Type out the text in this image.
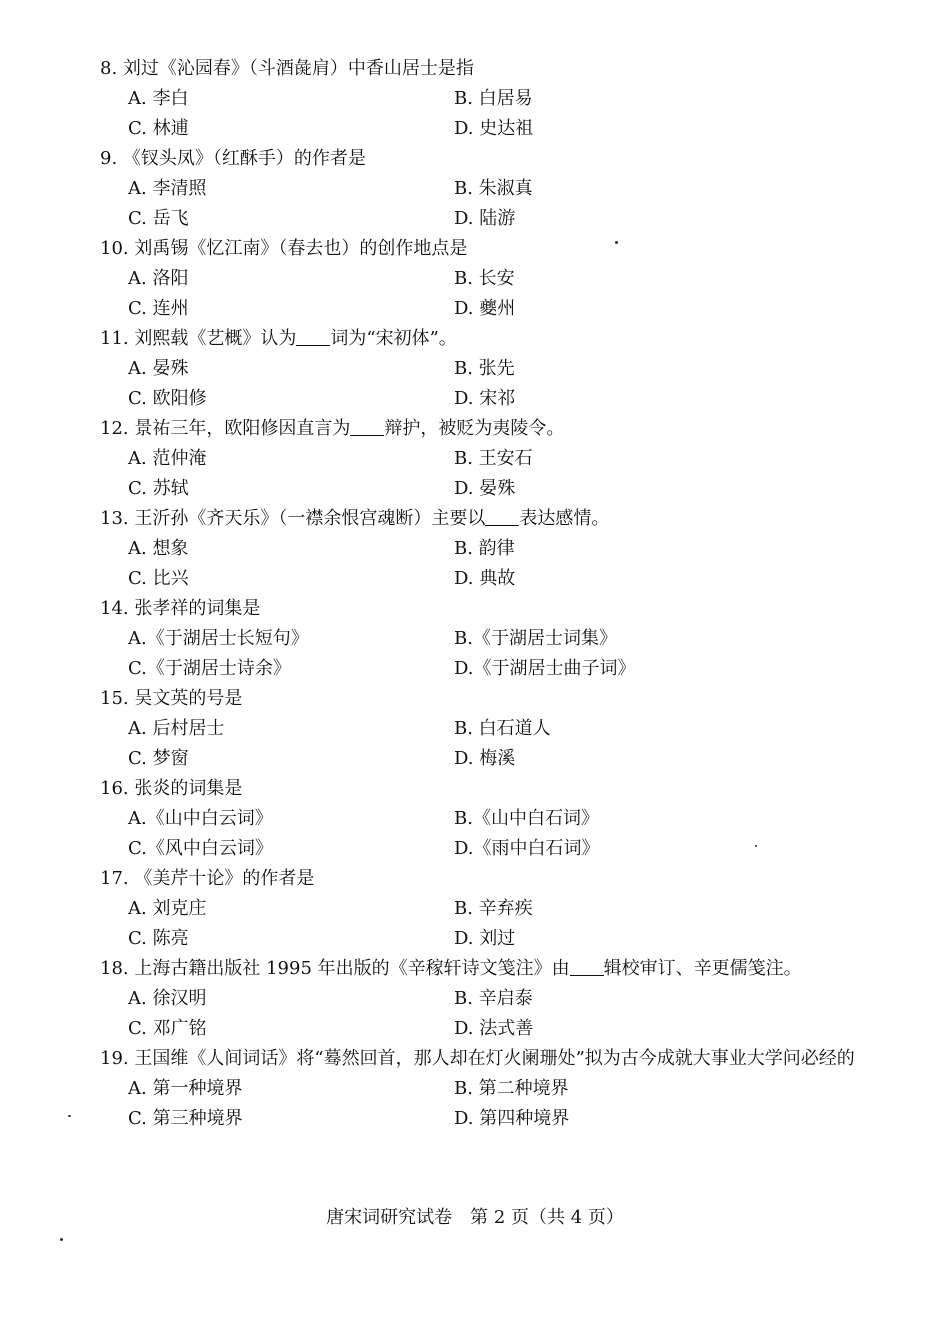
8. 刘过《沁园春》（斗酒彘肩）中香山居士是指
A. 李白	B. 白居易
C. 林逋	D. 史达祖
9. 《钗头凤》（红酥手）的作者是
A. 李清照	B. 朱淑真
C. 岳飞	D. 陆游
10. 刘禹锡《忆江南》（春去也）的创作地点是
A. 洛阳	B. 长安
C. 连州	D. 夔州
11. 刘熙载《艺概》认为 词为“宋初体”。
A. 晏殊	B. 张先
C. 欧阳修	D. 宋祁
12. 景祐三年，欧阳修因直言为 辩护，被贬为夷陵令。
A. 范仲淹	B. 王安石
C. 苏轼	D. 晏殊
13. 王沂孙《齐天乐》（一襟余恨宫魂断）主要以 表达感情。
A. 想象	B. 韵律
C. 比兴	D. 典故
14. 张孝祥的词集是
A.《于湖居士长短句》	B.《于湖居士词集》
C.《于湖居士诗余》	D.《于湖居士曲子词》
15. 吴文英的号是
A. 后村居士	B. 白石道人
C. 梦窗	D. 梅溪
16. 张炎的词集是
A.《山中白云词》	B.《山中白石词》
C.《风中白云词》	D.《雨中白石词》
17. 《美芹十论》的作者是
A. 刘克庄	B. 辛弃疾
C. 陈亮	D. 刘过
18. 上海古籍出版社 1995 年出版的《辛稼轩诗文笺注》由 辑校审订、辛更儒笺注。
A. 徐汉明	B. 辛启泰
C. 邓广铭	D. 法式善
19. 王国维《人间词话》将“蓦然回首，那人却在灯火阑珊处”拟为古今成就大事业大学问必经的
A. 第一种境界	B. 第二种境界
C. 第三种境界	D. 第四种境界
唐宋词研究试卷　第 2 页（共 4 页）
